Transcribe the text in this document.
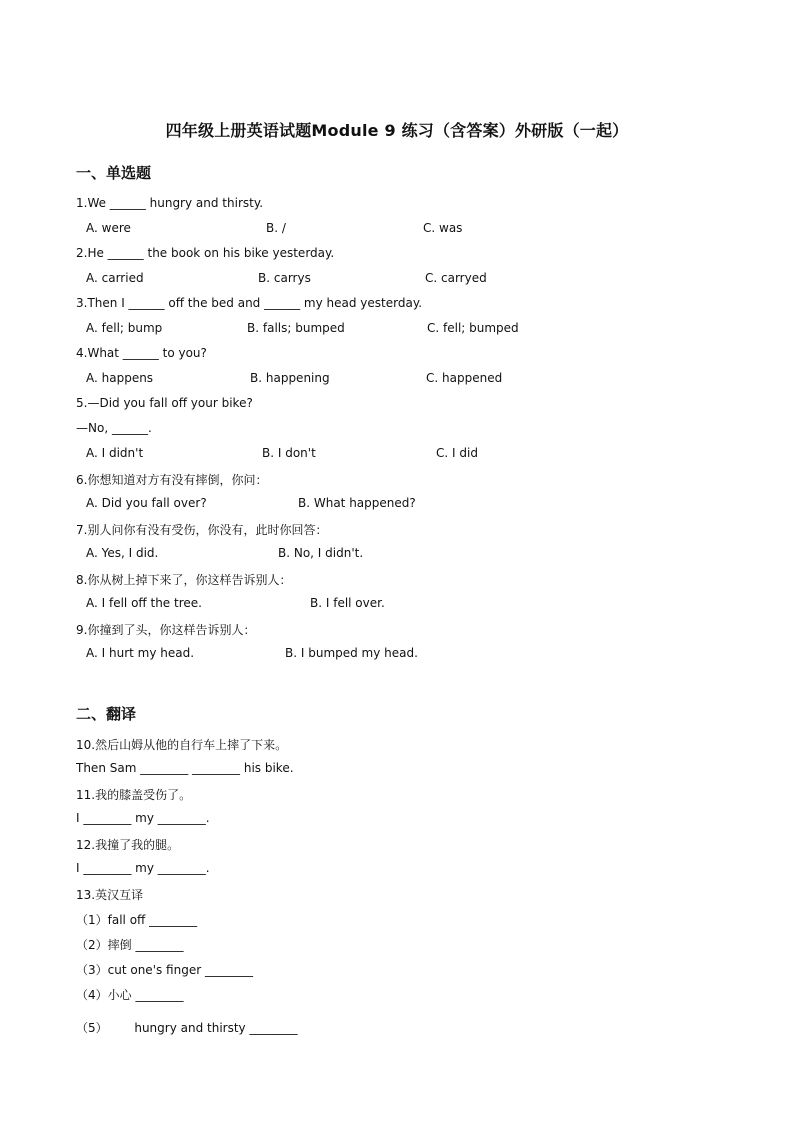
四年级上册英语试题Module 9 练习（含答案）外研版（一起）
一、单选题
1.We ______ hungry and thirsty.
A. were	B. /	C. was
2.He ______ the book on his bike yesterday.
A. carried	B. carrys	C. carryed
3.Then I ______ off the bed and ______ my head yesterday.
A. fell; bump	B. falls; bumped	C. fell; bumped
4.What ______ to you?
A. happens	B. happening	C. happened
5.—Did you fall off your bike?
—No, ______.
A. I didn't	B. I don't	C. I did
6.你想知道对方有没有摔倒，你问：
A. Did you fall over?	B. What happened?
7.别人问你有没有受伤，你没有，此时你回答：
A. Yes, I did.	B. No, I didn't.
8.你从树上掉下来了，你这样告诉别人：
A. I fell off the tree.	B. I fell over.
9.你撞到了头，你这样告诉别人：
A. I hurt my head.	B. I bumped my head.
二、翻译
10.然后山姆从他的自行车上摔了下来。
Then Sam ________ ________ his bike.
11.我的膝盖受伤了。
I ________ my ________.
12.我撞了我的腿。
I ________ my ________.
13.英汉互译
（1）fall off ________
（2）摔倒 ________
（3）cut one's finger ________
（4）小心 ________
（5）       hungry and thirsty ________
